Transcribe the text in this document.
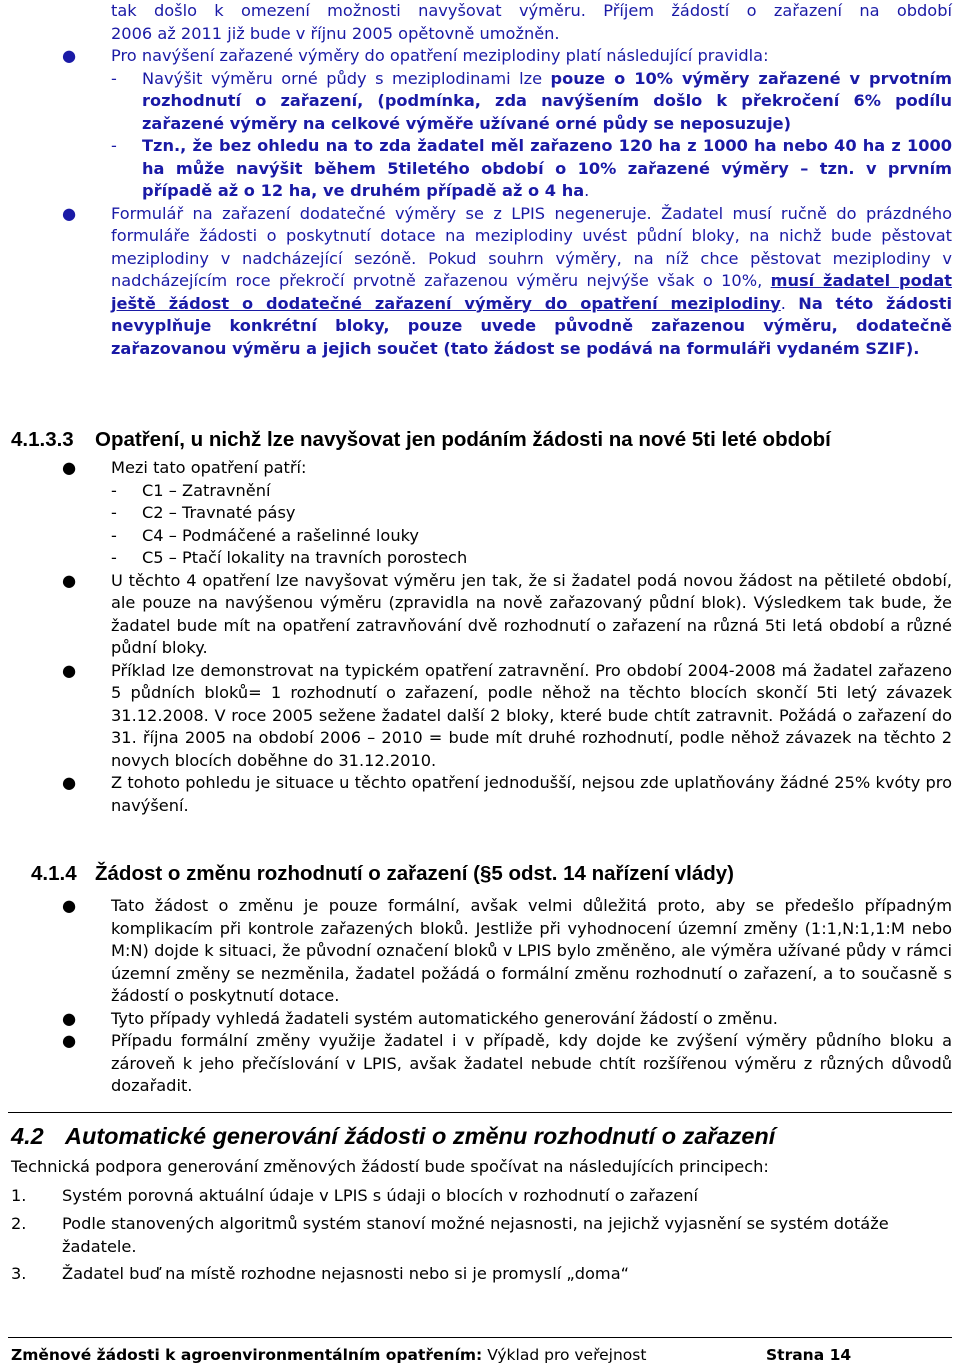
tak došlo k omezení možnosti navyšovat výměru. Příjem žádostí o zařazení na období
2006 až 2011 již bude v říjnu 2005 opětovně umožněn.
● Pro navýšení zařazené výměry do opatření meziplodiny platí následující pravidla:
- Navýšit výměru orné půdy s meziplodinami lze pouze o 10% výměry zařazené v prvotním rozhodnutí o zařazení, (podmínka, zda navýšením došlo k překročení 6% podílu zařazené výměry na celkové výměře užívané orné půdy se neposuzuje)
- Tzn., že bez ohledu na to zda žadatel měl zařazeno 120 ha z 1000 ha nebo 40 ha z 1000 ha může navýšit během 5tiletého období o 10% zařazené výměry – tzn. v prvním případě až o 12 ha, ve druhém případě až o 4 ha.
● Formulář na zařazení dodatečné výměry se z LPIS negeneruje. Žadatel musí ručně do prázdného formuláře žádosti o poskytnutí dotace na meziplodiny uvést půdní bloky, na nichž bude pěstovat meziplodiny v nadcházející sezóně. Pokud souhrn výměry, na níž chce pěstovat meziplodiny v nadcházejícím roce překročí prvotně zařazenou výměru nejvýše však o 10%, musí žadatel podat ještě žádost o dodatečné zařazení výměry do opatření meziplodiny. Na této žádosti nevyplňuje konkrétní bloky, pouze uvede původně zařazenou výměru, dodatečně zařazovanou výměru a jejich součet (tato žádost se podává na formuláři vydaném SZIF).
4.1.3.3 Opatření, u nichž lze navyšovat jen podáním žádosti na nové 5ti leté období
● Mezi tato opatření patří:
- C1 – Zatravnění
- C2 – Travnaté pásy
- C4 – Podmáčené a rašelinné louky
- C5 – Ptačí lokality na travních porostech
● U těchto 4 opatření lze navyšovat výměru jen tak, že si žadatel podá novou žádost na pětileté období, ale pouze na navýšenou výměru (zpravidla na nově zařazovaný půdní blok). Výsledkem tak bude, že žadatel bude mít na opatření zatravňování dvě rozhodnutí o zařazení na různá 5ti letá období a různé půdní bloky.
● Příklad lze demonstrovat na typickém opatření zatravnění. Pro období 2004-2008 má žadatel zařazeno 5 půdních bloků= 1 rozhodnutí o zařazení, podle něhož na těchto blocích skončí 5ti letý závazek 31.12.2008. V roce 2005 sežene žadatel další 2 bloky, které bude chtít zatravnit. Požádá o zařazení do 31. října 2005 na období 2006 – 2010 = bude mít druhé rozhodnutí, podle něhož závazek na těchto 2 novych blocích doběhne do 31.12.2010.
● Z tohoto pohledu je situace u těchto opatření jednodušší, nejsou zde uplatňovány žádné 25% kvóty pro navýšení.
4.1.4 Žádost o změnu rozhodnutí o zařazení (§5 odst. 14 nařízení vlády)
● Tato žádost o změnu je pouze formální, avšak velmi důležitá proto, aby se předešlo případným komplikacím při kontrole zařazených bloků. Jestliže při vyhodnocení územní změny (1:1,N:1,1:M nebo M:N) dojde k situaci, že původní označení bloků v LPIS bylo změněno, ale výměra užívané půdy v rámci územní změny se nezměnila, žadatel požádá o formální změnu rozhodnutí o zařazení, a to současně s žádostí o poskytnutí dotace.
● Tyto případy vyhledá žadateli systém automatického generování žádostí o změnu.
● Případu formální změny využije žadatel i v případě, kdy dojde ke zvýšení výměry půdního bloku a zároveň k jeho přečíslování v LPIS, avšak žadatel nebude chtít rozšířenou výměru z různých důvodů dozařadit.
4.2 Automatické generování žádosti o změnu rozhodnutí o zařazení
Technická podpora generování změnových žádostí bude spočívat na následujících principech:
1.	Systém porovná aktuální údaje v LPIS s údaji o blocích v rozhodnutí o zařazení
2.	Podle stanovených algoritmů systém stanoví možné nejasnosti, na jejichž vyjasnění se systém dotáže žadatele.
3.	Žadatel buď na místě rozhodne nejasnosti nebo si je promyslí „doma“
Změnové žádosti k agroenvironmentálním opatřením: Výklad pro veřejnost	Strana 14
